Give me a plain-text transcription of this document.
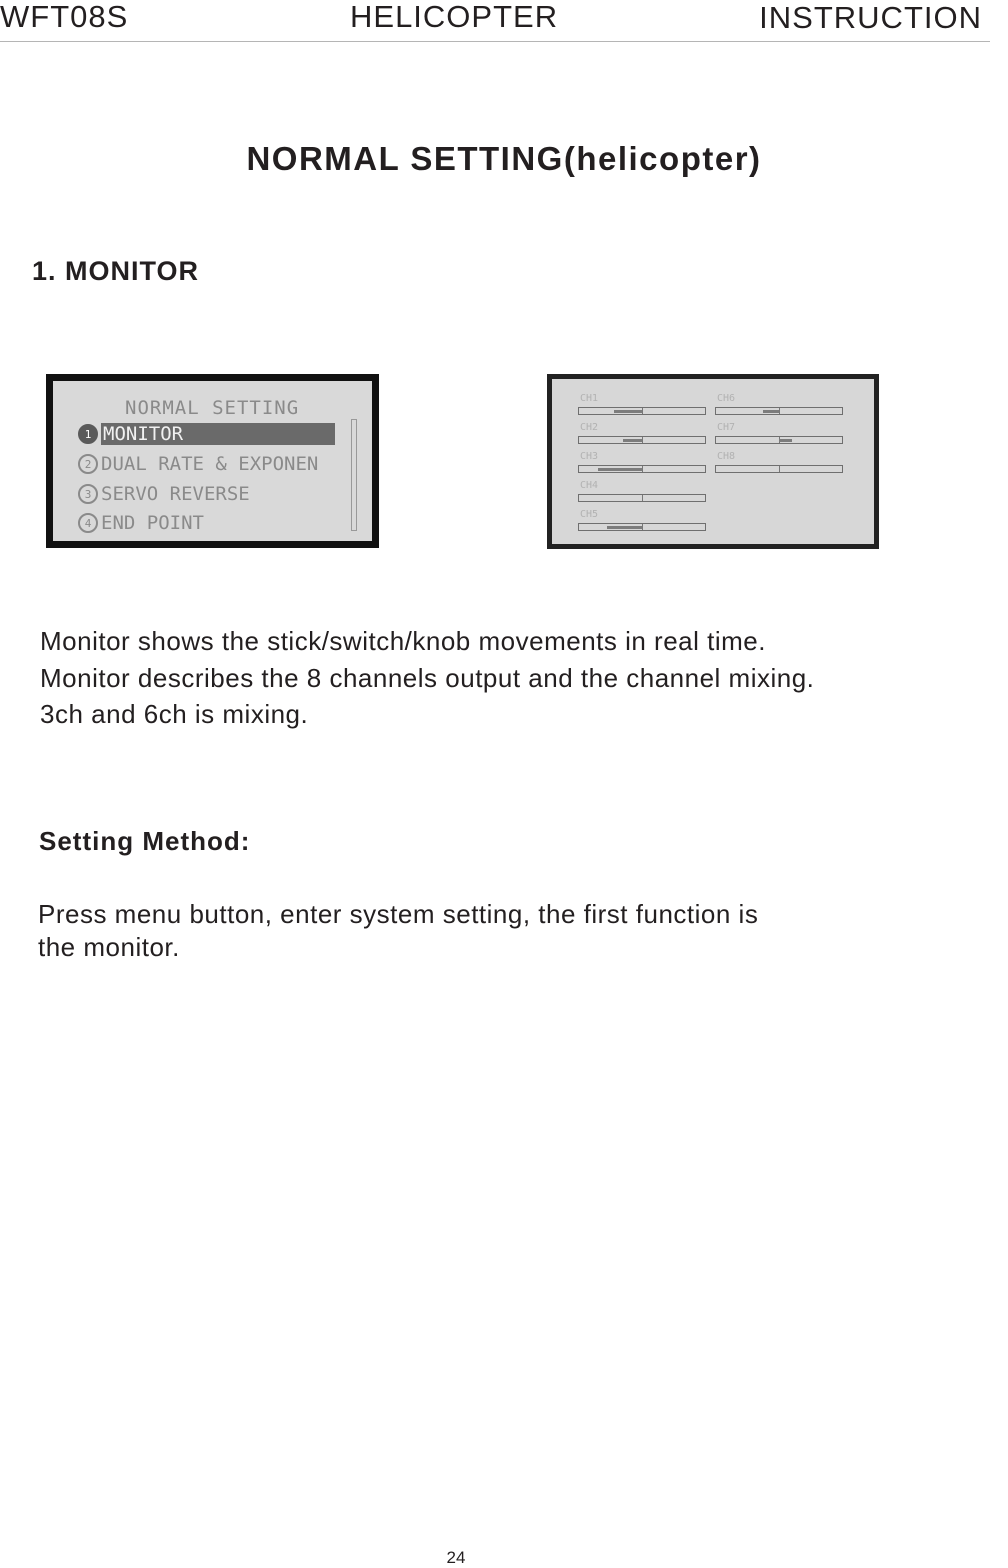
WFT08S	HELICOPTER	INSTRUCTION
NORMAL SETTING(helicopter)
1. MONITOR
NORMAL SETTING
1 MONITOR
2 DUAL RATE & EXPONEN
3 SERVO REVERSE
4 END POINT
CH1
CH2
CH3
CH4
CH5
CH6
CH7
CH8

Monitor shows the stick/switch/knob movements in real time.

Monitor describes the 8 channels output and the channel mixing.

3ch and 6ch is mixing.

Setting Method:

Press menu button, enter system setting, the first function is

the monitor.

24
